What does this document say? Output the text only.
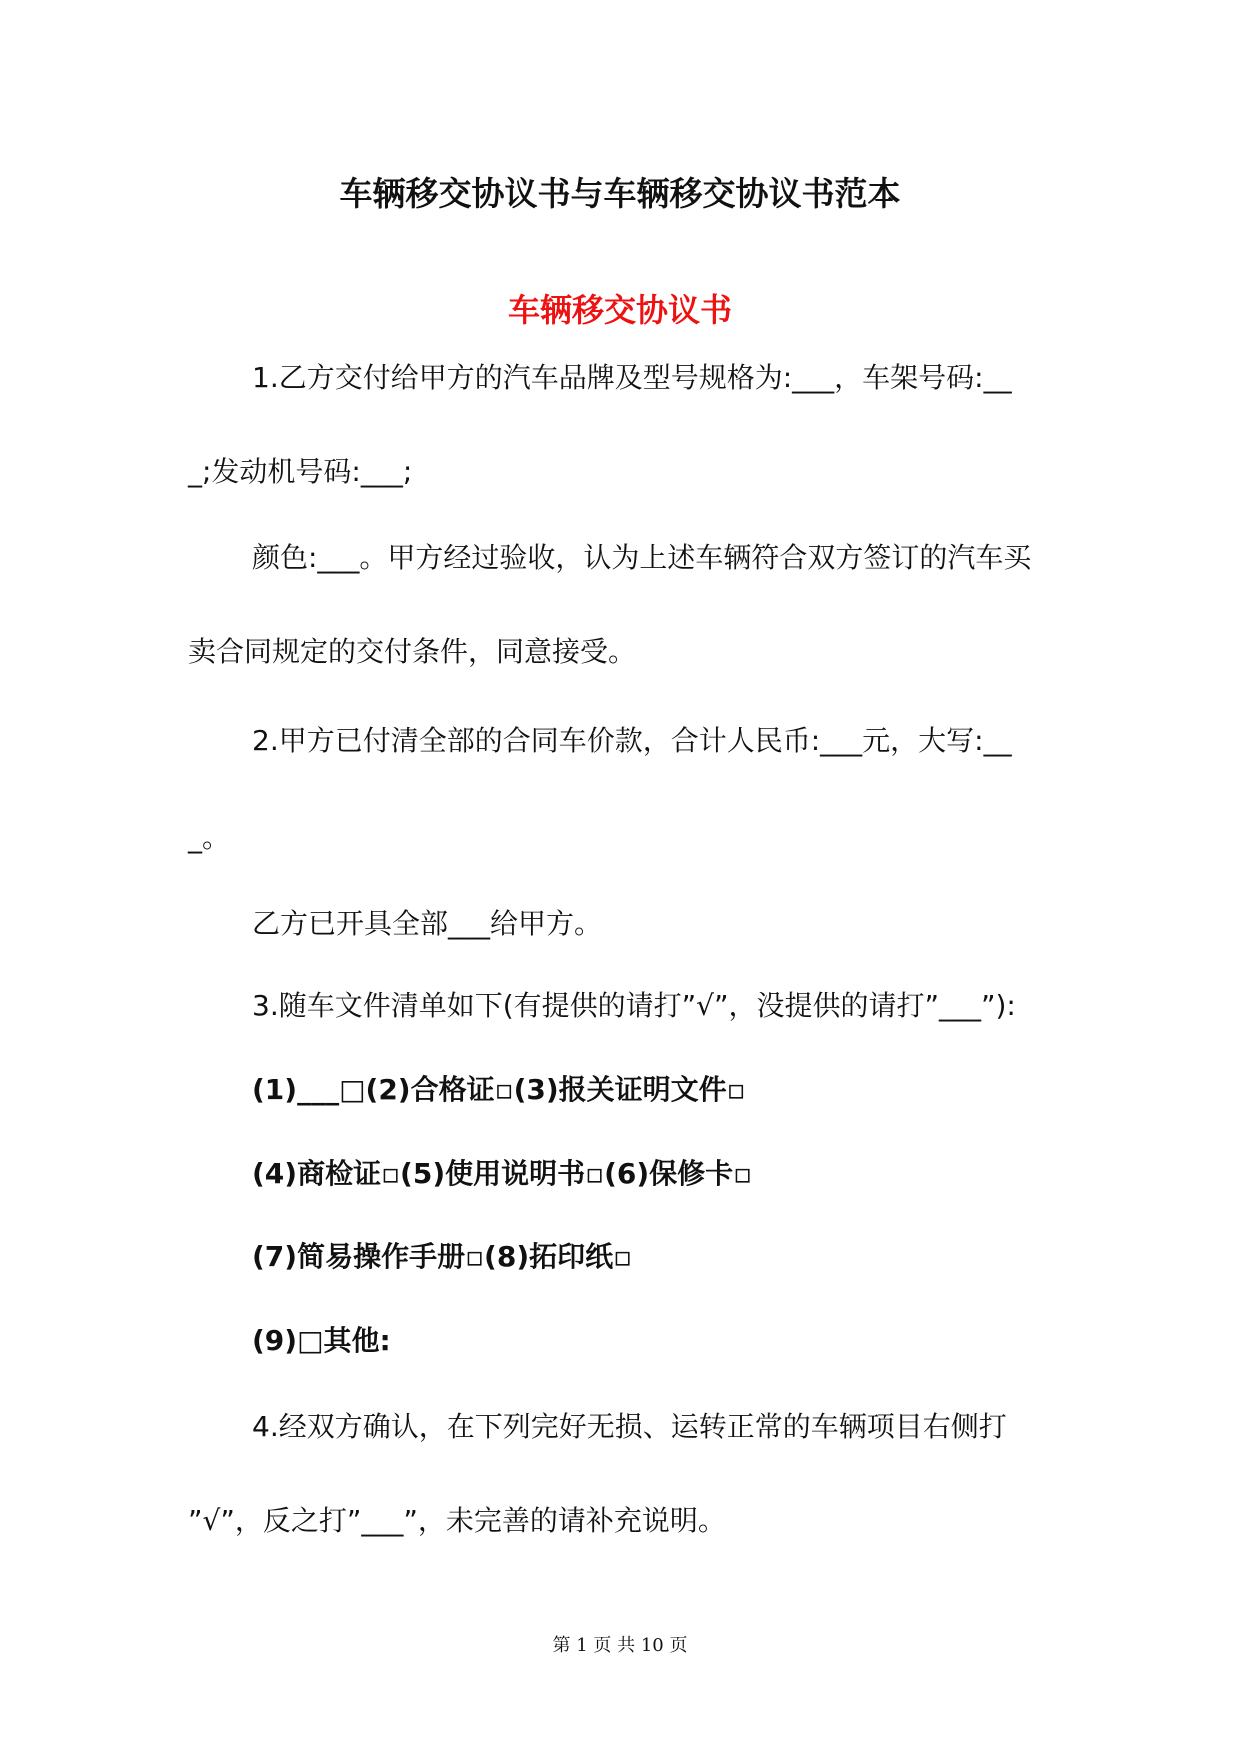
车辆移交协议书与车辆移交协议书范本
车辆移交协议书
1.乙方交付给甲方的汽车品牌及型号规格为:___，车架号码:__
_;发动机号码:___;
颜色:___。甲方经过验收，认为上述车辆符合双方签订的汽车买
卖合同规定的交付条件，同意接受。
2.甲方已付清全部的合同车价款，合计人民币:___元，大写:__
_。
乙方已开具全部___给甲方。
3.随车文件清单如下(有提供的请打”√”，没提供的请打”___”):
(1)___□(2)合格证▫(3)报关证明文件▫
(4)商检证▫(5)使用说明书▫(6)保修卡▫
(7)简易操作手册▫(8)拓印纸▫
(9)□其他:
4.经双方确认，在下列完好无损、运转正常的车辆项目右侧打
”√”，反之打”___”，未完善的请补充说明。
第 1 页 共 10 页
